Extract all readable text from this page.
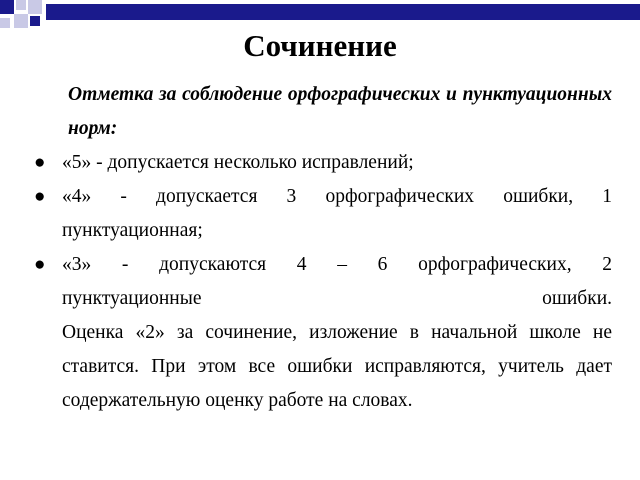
Сочинение

Отметка за соблюдение орфографических и пунктуационных норм:

● «5» - допускается несколько исправлений;
● «4» - допускается 3 орфографических ошибки, 1 пунктуационная;
● «3» - допускаются 4 – 6 орфографических, 2
пунктуационные ошибки.

Оценка «2» за сочинение, изложение в начальной школе не ставится. При этом все ошибки исправляются, учитель дает содержательную оценку работе на словах.
